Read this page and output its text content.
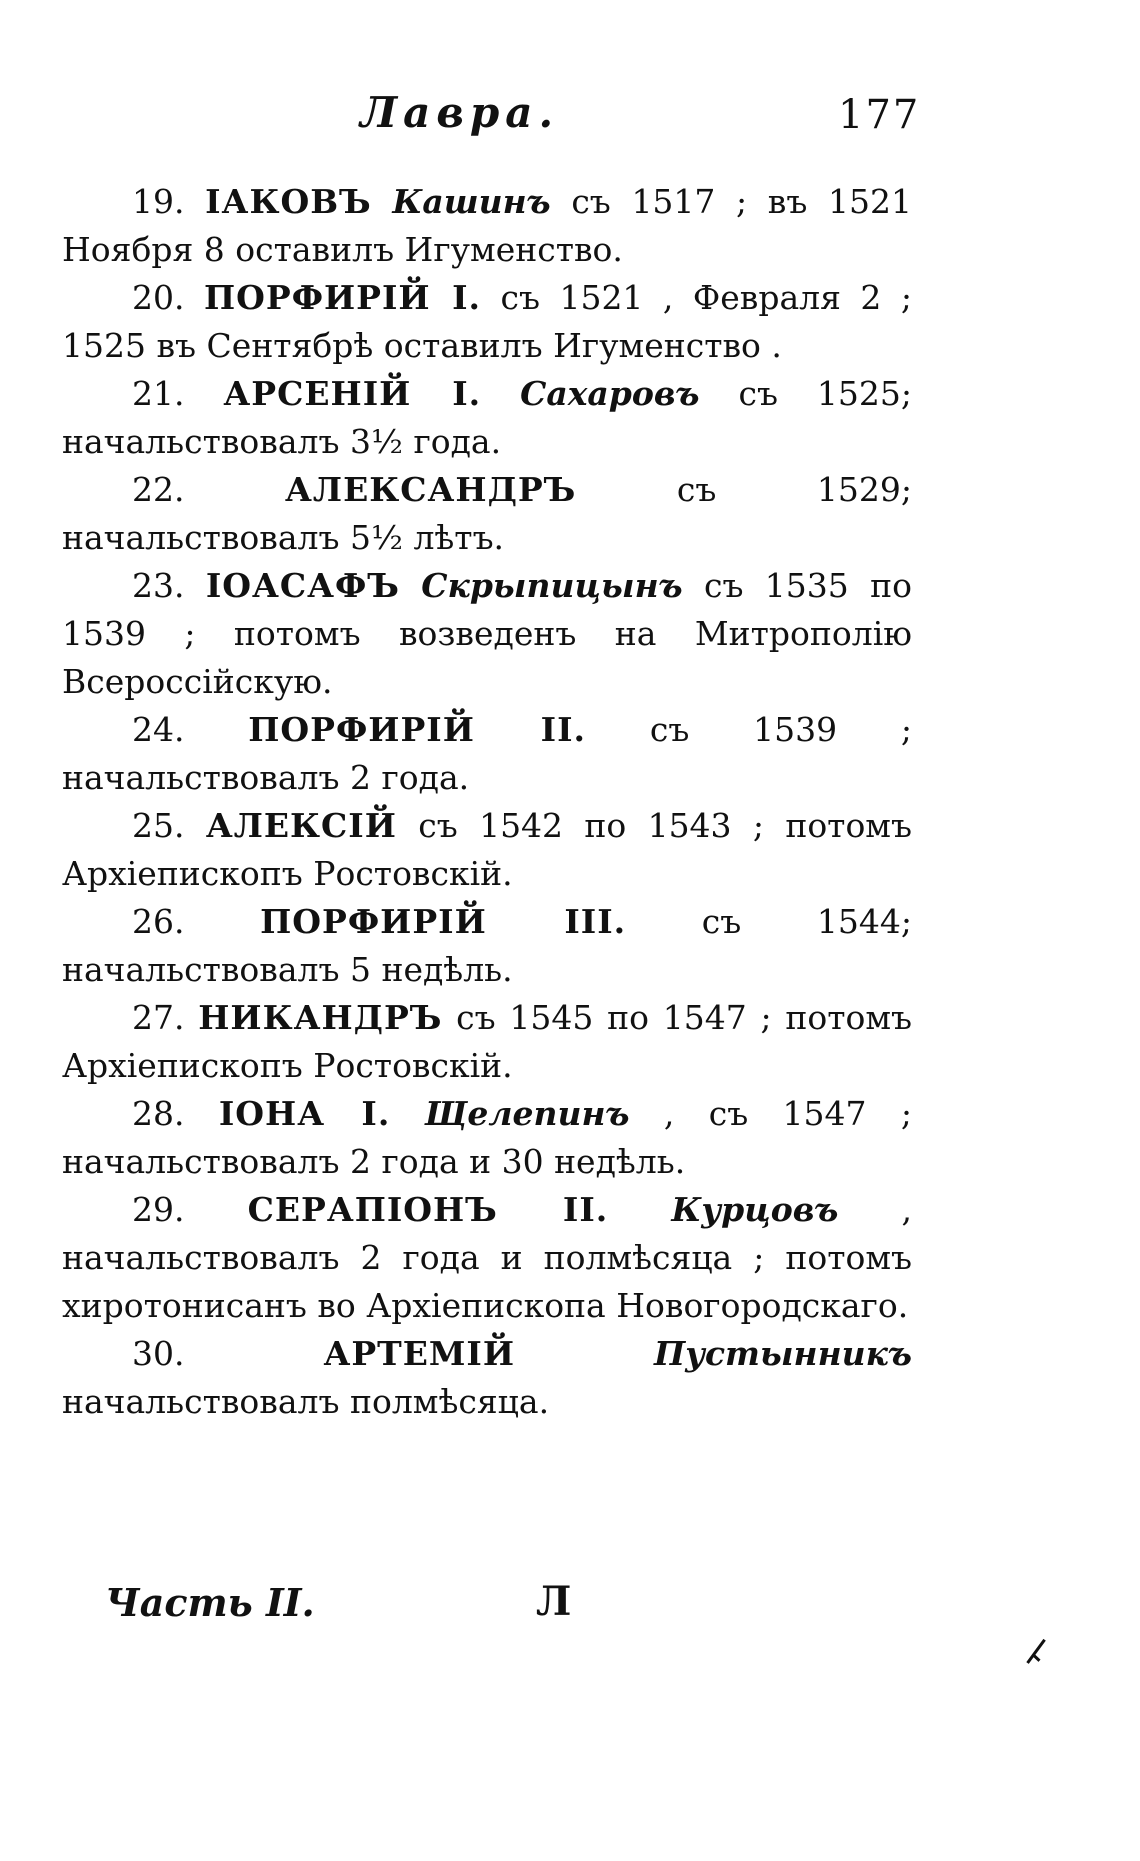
Лавра.	177

19. IАКОВЪ Кашинъ съ 1517 ; въ 1521 Ноября 8 оставилъ Игуменство.

20. ПОРФИРIЙ I. съ 1521 , Февраля 2 ; 1525 въ Сентябрѣ оставилъ Игуменство .

21. АРСЕНIЙ I. Сахаровъ съ 1525; начальствовалъ 3½ года.

22.	АЛЕКСАНДРЪ	съ 1529; начальствовалъ 5½ лѣтъ.

23. IОАСАФЪ Скрыпицынъ съ 1535 по 1539 ; потомъ возведенъ на Митрополiю Всероссiйскую.

24. ПОРФИРIЙ II. съ 1539 ; начальствовалъ 2 года.

25. АЛЕКСIЙ съ 1542 по 1543 ; потомъ Архiепископъ Ростовскiй.

26. ПОРФИРIЙ III. съ 1544; начальствовалъ 5 недѣль.

27. НИКАНДРЪ съ 1545 по 1547 ; потомъ Архiепископъ Ростовскiй.

28. IОНА I. Щелепинъ , съ 1547 ; начальствовалъ 2 года и 30 недѣль.

29. СЕРАПIОНЪ II. Курцовъ , начальствовалъ 2 года и полмѣсяца ; потомъ хиротонисанъ во Архiепископа Новогородскаго.

30.	АРТЕМIЙ	Пустынникъ начальствовалъ полмѣсяца.

Часть II.	Л
